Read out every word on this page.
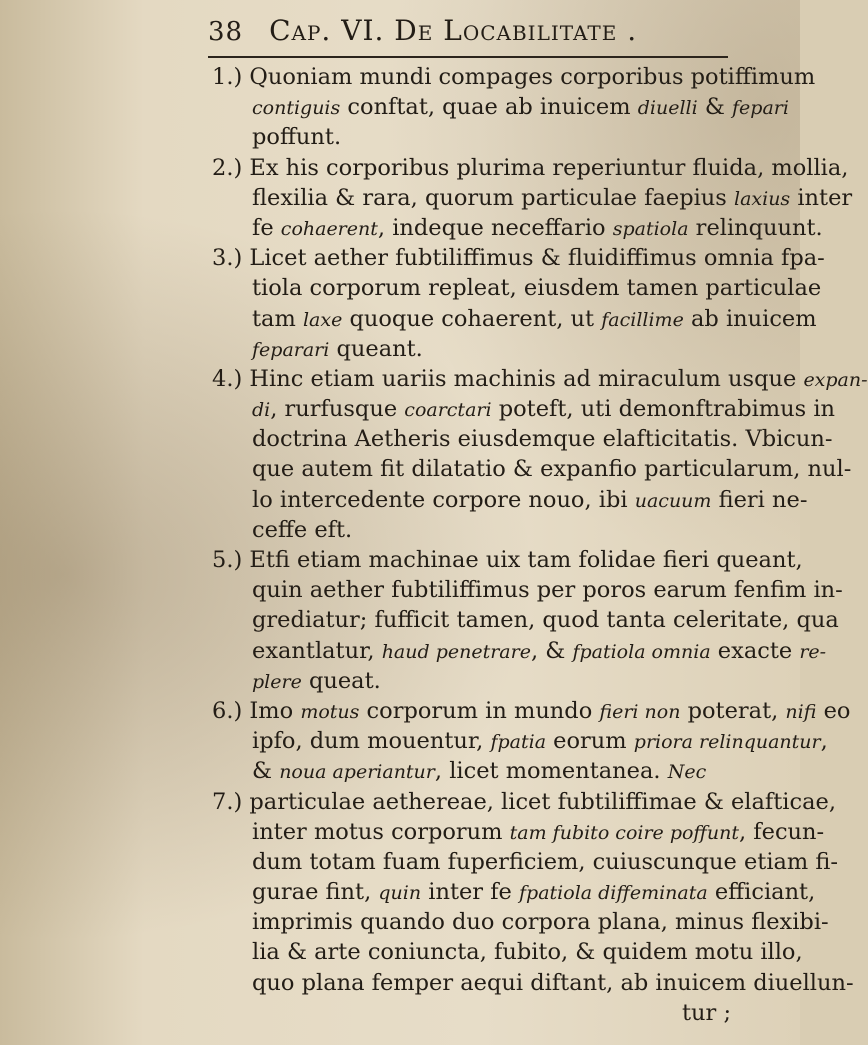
38 Cap. VI. De Locabilitate .
1.) Quoniam mundi compages corporibus potiffimum
contiguis conftat, quae ab inuicem diuelli & fepari
poffunt.
2.) Ex his corporibus plurima reperiuntur fluida, mollia,
flexilia & rara, quorum particulae faepius laxius inter
fe cohaerent, indeque neceffario spatiola relinquunt.
3.) Licet aether fubtiliffimus & fluidiffimus omnia fpa-
tiola corporum repleat, eiusdem tamen particulae
tam laxe quoque cohaerent, ut facillime ab inuicem
feparari queant.
4.) Hinc etiam uariis machinis ad miraculum usque expan-
di, rurfusque coarctari poteft, uti demonftrabimus in
doctrina Aetheris eiusdemque elafticitatis. Vbicun-
que autem fit dilatatio & expanfio particularum, nul-
lo intercedente corpore nouo, ibi uacuum fieri ne-
ceffe eft.
5.) Etfi etiam machinae uix tam folidae fieri queant,
quin aether fubtiliffimus per poros earum fenfim in-
grediatur; fufficit tamen, quod tanta celeritate, qua
exantlatur, haud penetrare, & fpatiola omnia exacte re-
plere queat.
6.) Imo motus corporum in mundo fieri non poterat, nifi eo
ipfo, dum mouentur, fpatia eorum priora relinquantur,
& noua aperiantur, licet momentanea. Nec
7.) particulae aethereae, licet fubtiliffimae & elafticae,
inter motus corporum tam fubito coire poffunt, fecun-
dum totam fuam fuperficiem, cuiuscunque etiam fi-
gurae fint, quin inter fe fpatiola diffeminata efficiant,
imprimis quando duo corpora plana, minus flexibi-
lia & arte coniuncta, fubito, & quidem motu illo,
quo plana femper aequi diftant, ab inuicem diuellun-
tur ;
